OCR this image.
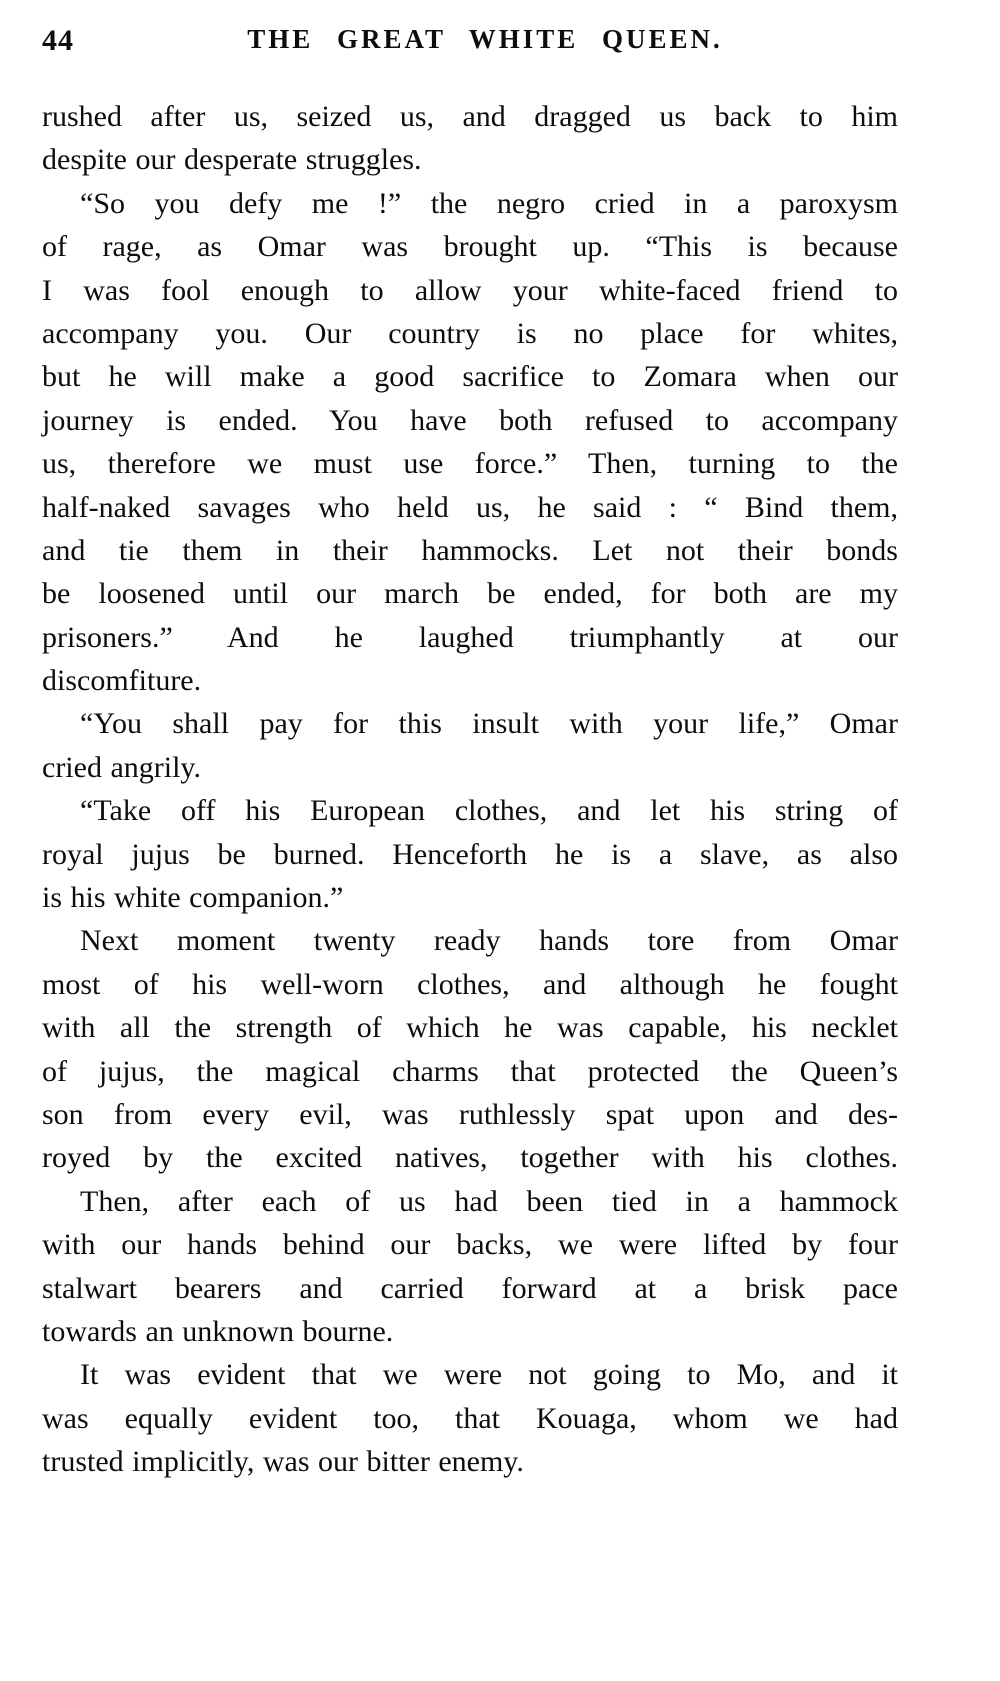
44	THE GREAT WHITE QUEEN.
rushed after us, seized us, and dragged us back to him
despite our desperate struggles.
“So you defy me !” the negro cried in a paroxysm
of rage, as Omar was brought up. “This is because
I was fool enough to allow your white-faced friend to
accompany you. Our country is no place for whites,
but he will make a good sacrifice to Zomara when our
journey is ended. You have both refused to accompany
us, therefore we must use force.” Then, turning to the
half-naked savages who held us, he said : “ Bind them,
and tie them in their hammocks. Let not their bonds
be loosened until our march be ended, for both are my
prisoners.” And he laughed triumphantly at our
discomfiture.
“You shall pay for this insult with your life,” Omar
cried angrily.
“Take off his European clothes, and let his string of
royal jujus be burned. Henceforth he is a slave, as also
is his white companion.”
Next moment twenty ready hands tore from Omar
most of his well-worn clothes, and although he fought
with all the strength of which he was capable, his necklet
of jujus, the magical charms that protected the Queen’s
son from every evil, was ruthlessly spat upon and des-
royed by the excited natives, together with his clothes.
Then, after each of us had been tied in a hammock
with our hands behind our backs, we were lifted by four
stalwart bearers and carried forward at a brisk pace
towards an unknown bourne.
It was evident that we were not going to Mo, and it
was equally evident too, that Kouaga, whom we had
trusted implicitly, was our bitter enemy.
